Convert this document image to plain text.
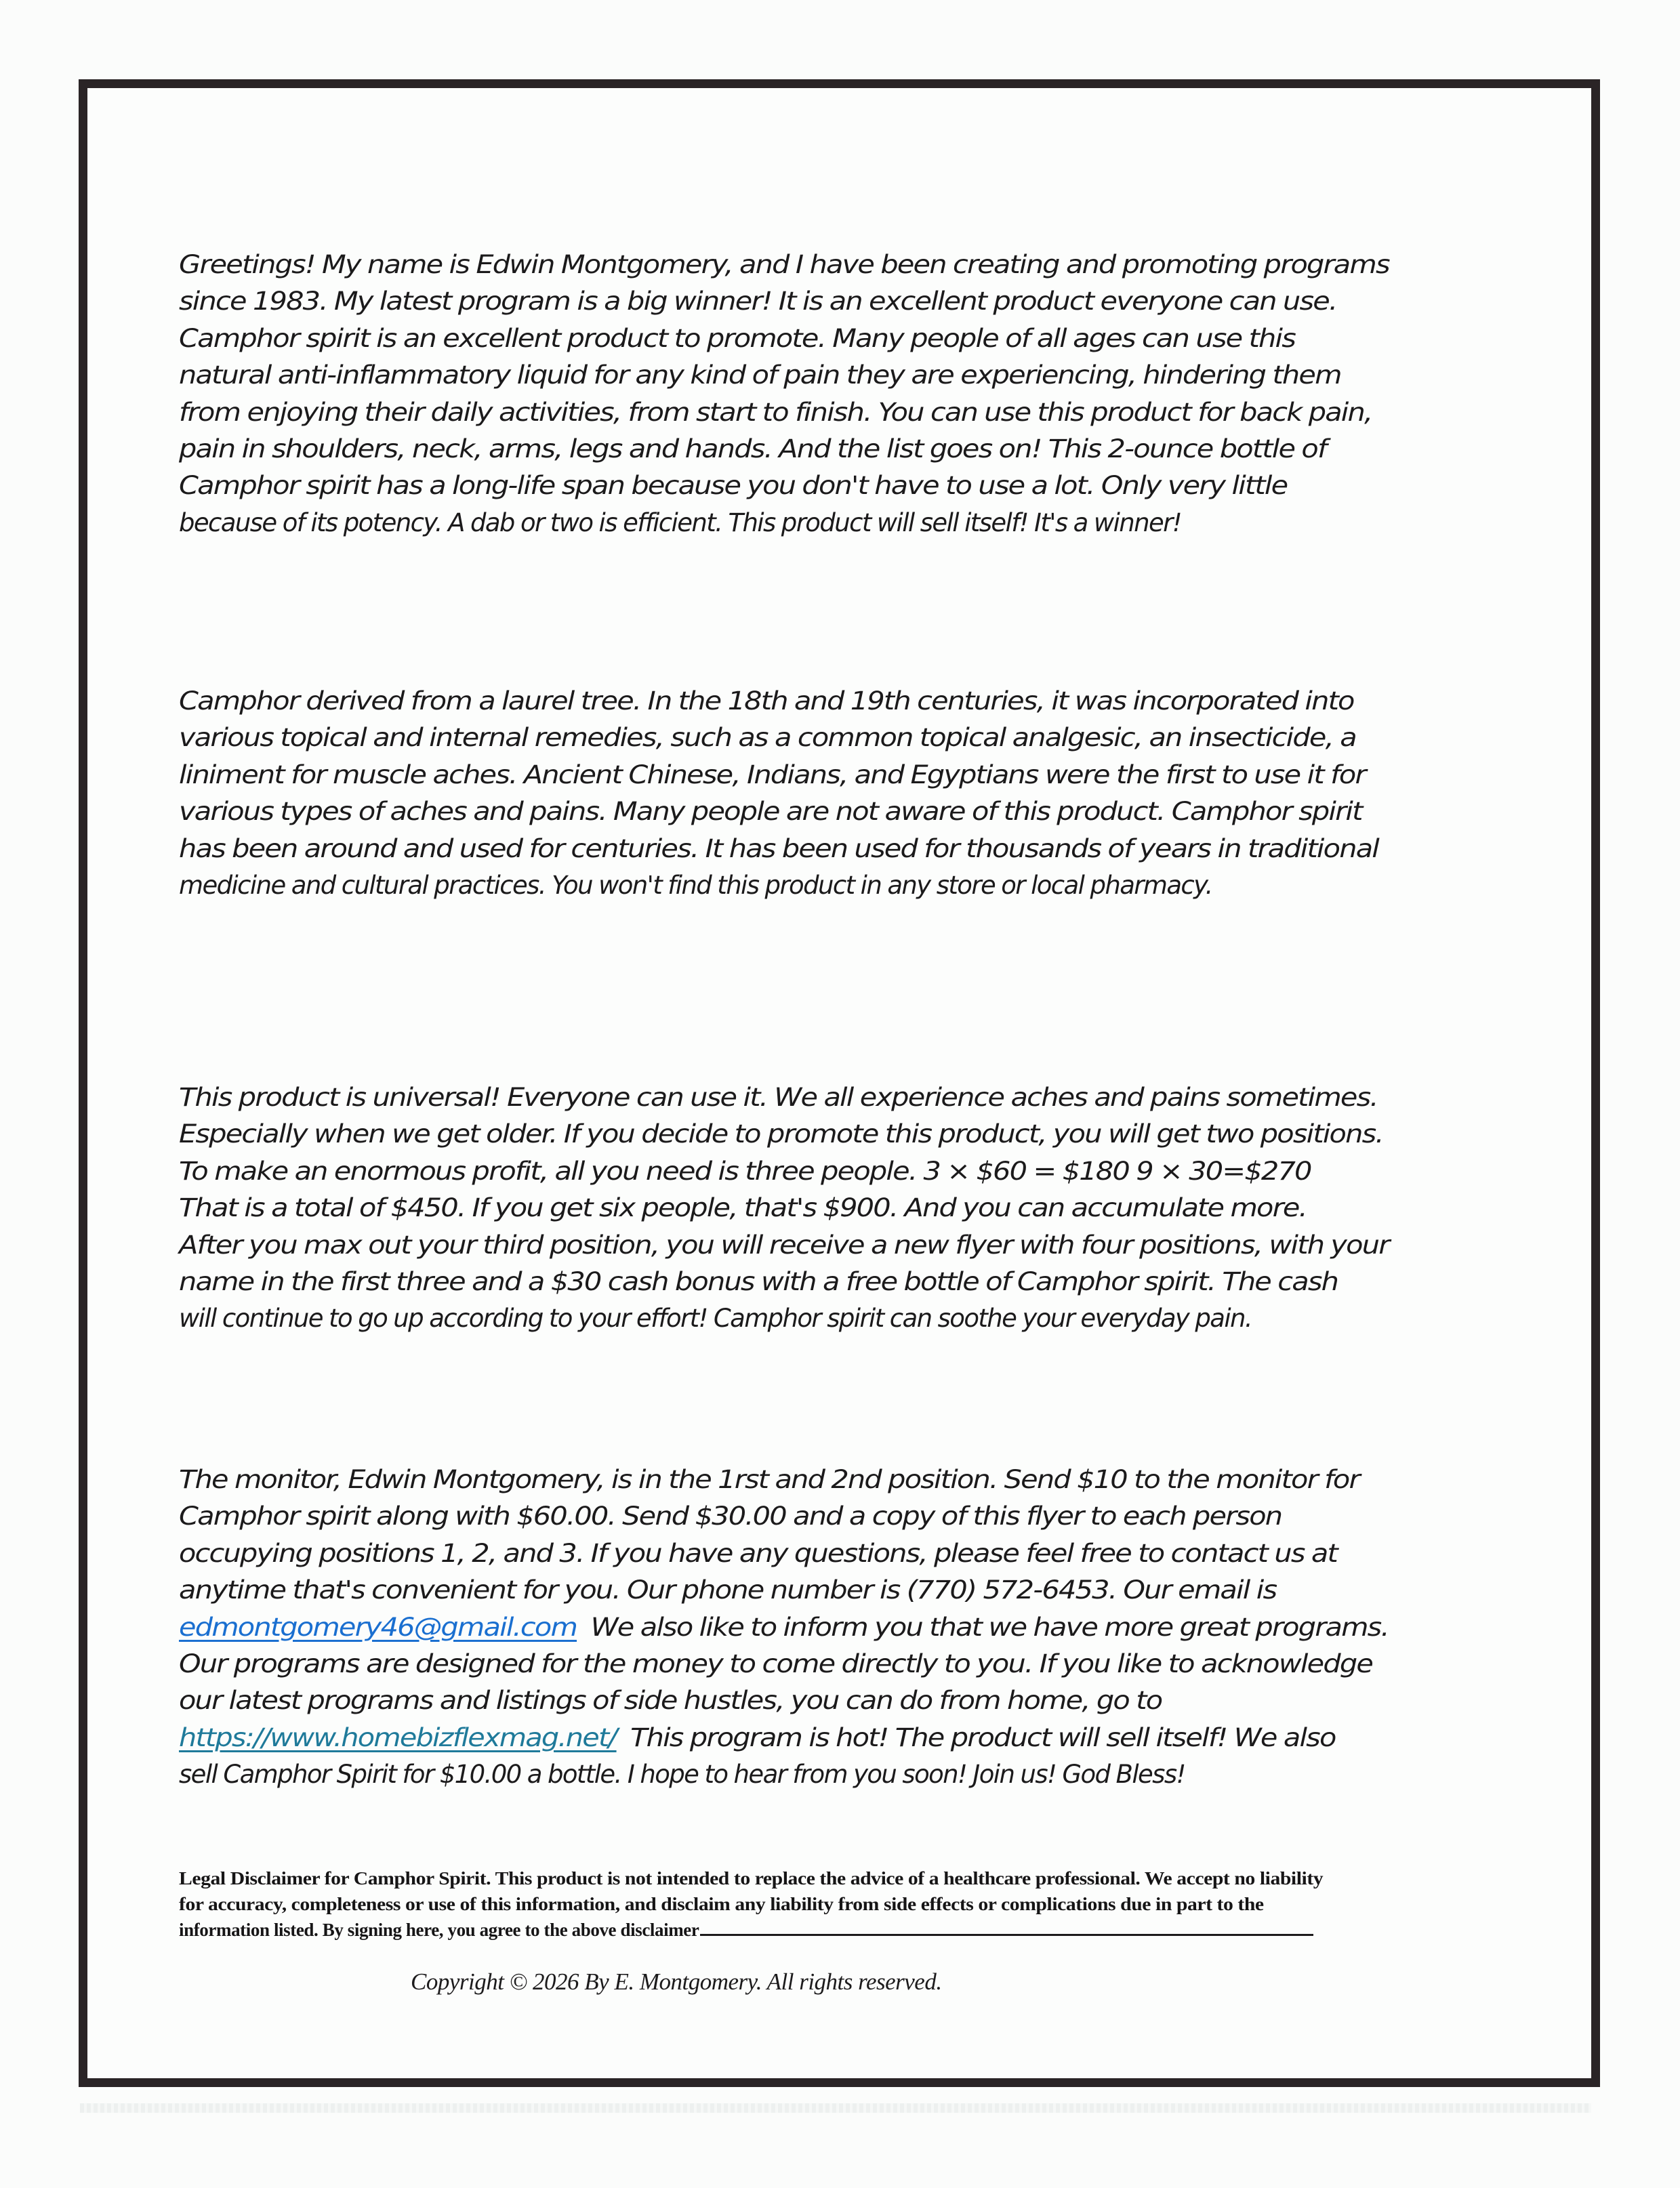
Greetings! My name is Edwin Montgomery, and I have been creating and promoting programs
since 1983. My latest program is a big winner! It is an excellent product everyone can use.
Camphor spirit is an excellent product to promote. Many people of all ages can use this
natural anti-inflammatory liquid for any kind of pain they are experiencing, hindering them
from enjoying their daily activities, from start to finish. You can use this product for back pain,
pain in shoulders, neck, arms, legs and hands. And the list goes on! This 2-ounce bottle of
Camphor spirit has a long-life span because you don't have to use a lot. Only very little
because of its potency. A dab or two is efficient. This product will sell itself! It's a winner!
Camphor derived from a laurel tree. In the 18th and 19th centuries, it was incorporated into
various topical and internal remedies, such as a common topical analgesic, an insecticide, a
liniment for muscle aches. Ancient Chinese, Indians, and Egyptians were the first to use it for
various types of aches and pains. Many people are not aware of this product. Camphor spirit
has been around and used for centuries. It has been used for thousands of years in traditional
medicine and cultural practices. You won't find this product in any store or local pharmacy.
This product is universal! Everyone can use it. We all experience aches and pains sometimes.
Especially when we get older. If you decide to promote this product, you will get two positions.
To make an enormous profit, all you need is three people. 3 × $60 = $180 9 × 30=$270
That is a total of $450. If you get six people, that's $900. And you can accumulate more.
After you max out your third position, you will receive a new flyer with four positions, with your
name in the first three and a $30 cash bonus with a free bottle of Camphor spirit. The cash
will continue to go up according to your effort! Camphor spirit can soothe your everyday pain.
The monitor, Edwin Montgomery, is in the 1rst and 2nd position. Send $10 to the monitor for
Camphor spirit along with $60.00. Send $30.00 and a copy of this flyer to each person
occupying positions 1, 2, and 3. If you have any questions, please feel free to contact us at
anytime that's convenient for you. Our phone number is (770) 572-6453. Our email is
edmontgomery46@gmail.com  We also like to inform you that we have more great programs.
Our programs are designed for the money to come directly to you. If you like to acknowledge
our latest programs and listings of side hustles, you can do from home, go to
https://www.homebizflexmag.net/  This program is hot! The product will sell itself! We also
sell Camphor Spirit for $10.00 a bottle. I hope to hear from you soon! Join us! God Bless!
Legal Disclaimer for Camphor Spirit. This product is not intended to replace the advice of a healthcare professional. We accept no liability
for accuracy, completeness or use of this information, and disclaim any liability from side effects or complications due in part to the
information listed. By signing here, you agree to the above disclaimer
Copyright © 2026 By E. Montgomery. All rights reserved.
